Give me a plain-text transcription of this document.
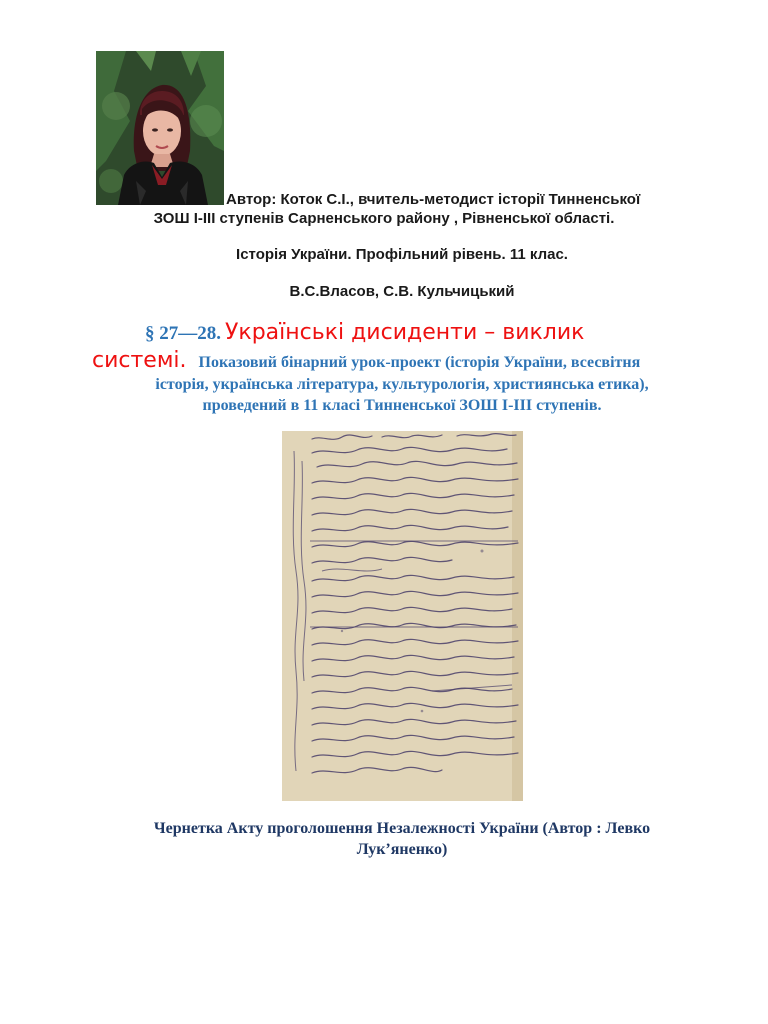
Автор: Коток С.І., вчитель-методист історії Тинненської
ЗОШ І-ІІІ ступенів Сарненського району , Рівненської області.
Історія України. Профільний рівень. 11 клас.
В.С.Власов, С.В. Кульчицький
§ 27—28. Українські дисиденти – виклик
системі. Показовий бінарний урок-проект (історія України, всесвітня
історія, українська література, культурологія, християнська етика),
проведений в 11 класі Тинненської ЗОШ І-ІІІ ступенів.
Чернетка Акту проголошення Незалежності України (Автор : Левко
Лук’яненко)
